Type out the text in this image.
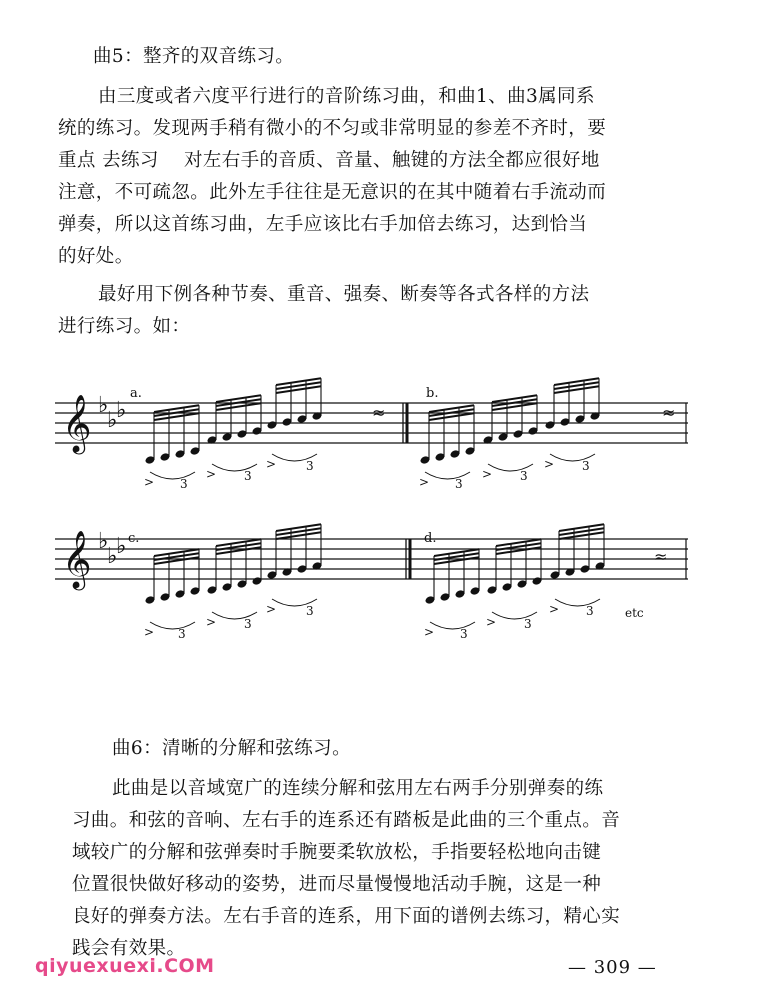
曲5：整齐的双音练习。
由三度或者六度平行进行的音阶练习曲，和曲1、曲3属同系
统的练习。发现两手稍有微小的不匀或非常明显的参差不齐时，要
重点 去练习　 对左右手的音质、音量、触键的方法全都应很好地
注意，不可疏忽。此外左手往往是无意识的在其中随着右手流动而
弹奏，所以这首练习曲，左手应该比右手加倍去练习，达到恰当
的好处。
最好用下例各种节奏、重音、强奏、断奏等各式各样的方法
进行练习。如：
𝄞
𝄞
♭
♭
♭
♭
♭
♭
a.	b.
c.	d.
> 3
> 3
> 3
> 3
> 3
> 3
> 3
> 3
> 3
> 3
> 3
> 3
≈	≈
≈
etc
曲6：清晰的分解和弦练习。
此曲是以音域宽广的连续分解和弦用左右两手分别弹奏的练
习曲。和弦的音响、左右手的连系还有踏板是此曲的三个重点。音
域较广的分解和弦弹奏时手腕要柔软放松，手指要轻松地向击键
位置很快做好移动的姿势，进而尽量慢慢地活动手腕，这是一种
良好的弹奏方法。左右手音的连系，用下面的谱例去练习，精心实
践会有效果。
qiyuexuexi.COM	— 309 —
